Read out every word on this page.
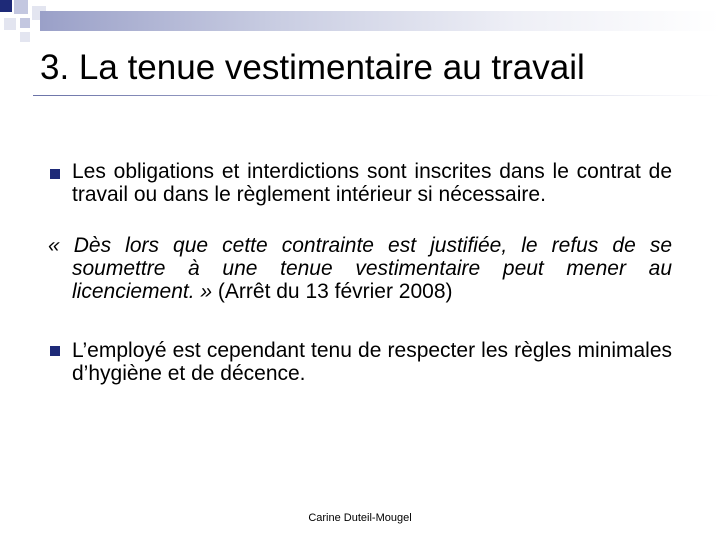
3. La tenue vestimentaire au travail

Les obligations et interdictions sont inscrites dans le contrat de travail ou dans le règlement intérieur si nécessaire.

« Dès lors que cette contrainte est justifiée, le refus de se soumettre à une tenue vestimentaire peut mener au licenciement. » (Arrêt du 13 février 2008)

L’employé est cependant tenu de respecter les règles minimales d’hygiène et de décence.

Carine Duteil-Mougel
